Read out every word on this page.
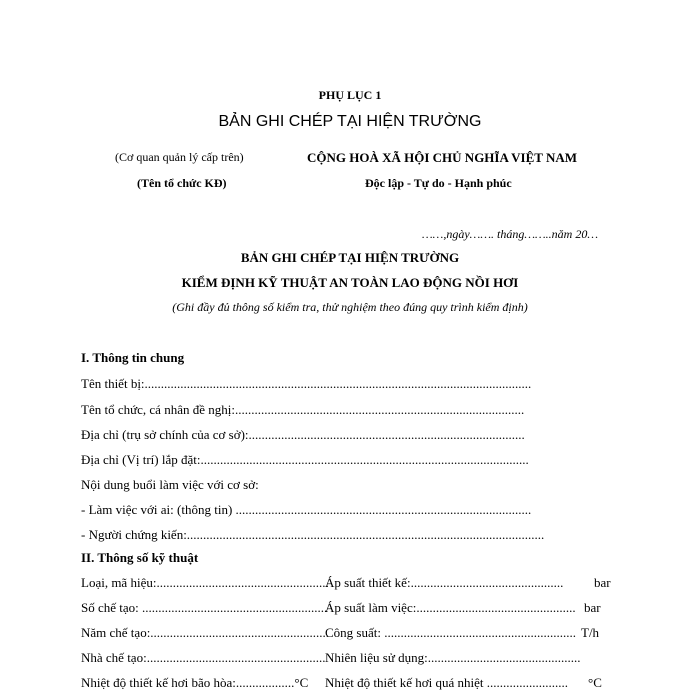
PHỤ LỤC 1
BẢN GHI CHÉP TẠI HIỆN TRƯỜNG
(Cơ quan quản lý cấp trên)
(Tên tổ chức KĐ)
CỘNG HOÀ XÃ HỘI CHỦ NGHĨA VIỆT NAM
Độc lập - Tự do - Hạnh phúc
……,ngày……. tháng……..năm 20…
BẢN GHI CHÉP TẠI HIỆN TRƯỜNG
KIỂM ĐỊNH KỸ THUẬT AN TOÀN LAO ĐỘNG NỒI HƠI
(Ghi đầy đủ thông số kiểm tra, thử nghiệm theo đúng quy trình kiểm định)
I. Thông tin chung
Tên thiết bị:.......................................................................................................................
Tên tổ chức, cá nhân đề nghị:.........................................................................................
Địa chỉ (trụ sở chính của cơ sở):.....................................................................................
Địa chỉ (Vị trí) lắp đặt:.....................................................................................................
Nội dung buổi làm việc với cơ sở:
- Làm việc với ai: (thông tin) ...........................................................................................
- Người chứng kiến:..............................................................................................................
II. Thông số kỹ thuật
Loại, mã hiệu:.....................................................
Áp suất thiết kế:............................................... bar
Số chế tạo: .........................................................
Áp suất làm việc:................................................. bar
Năm chế tạo:.......................................................
Công suất: ........................................................... T/h
Nhà chế tạo:....................................................... Nhiên liệu sử dụng:...............................................
Nhiệt độ thiết kế hơi bão hòa:..................°C Nhiệt độ thiết kế hơi quá nhiệt ......................... °C
